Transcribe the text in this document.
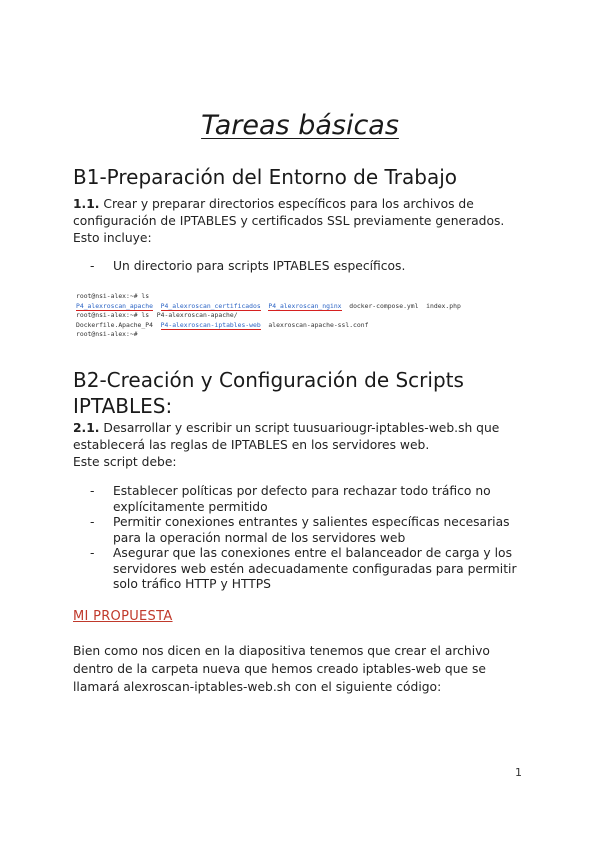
Tareas básicas
B1-Preparación del Entorno de Trabajo
1.1. Crear y preparar directorios específicos para los archivos de configuración de IPTABLES y certificados SSL previamente generados. Esto incluye:
- Un directorio para scripts IPTABLES específicos.
root@nsi-alex:~# ls
P4_alexroscan_apache P4_alexroscan_certificados P4_alexroscan_nginx docker-compose.yml  index.php
root@nsi-alex:~# ls  P4-alexroscan-apache/
Dockerfile.Apache_P4 P4-alexroscan-iptables-web alexroscan-apache-ssl.conf
root@nsi-alex:~#
B2-Creación y Configuración de Scripts IPTABLES:
2.1. Desarrollar y escribir un script tuusuariougr-iptables-web.sh que establecerá las reglas de IPTABLES en los servidores web.
Este script debe:
- Establecer políticas por defecto para rechazar todo tráfico no explícitamente permitido
- Permitir conexiones entrantes y salientes específicas necesarias para la operación normal de los servidores web
- Asegurar que las conexiones entre el balanceador de carga y los servidores web estén adecuadamente configuradas para permitir solo tráfico HTTP y HTTPS
MI PROPUESTA
Bien como nos dicen en la diapositiva tenemos que crear el archivo dentro de la carpeta nueva que hemos creado iptables-web que se llamará alexroscan-iptables-web.sh con el siguiente código:
1
